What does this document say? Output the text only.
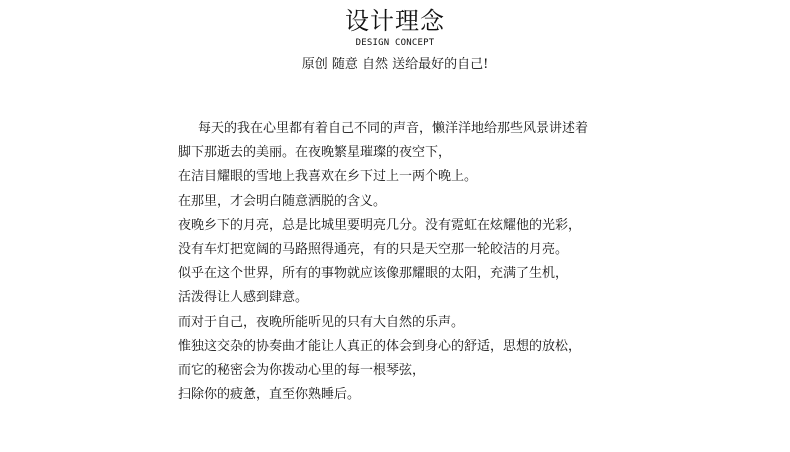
设计理念
DESIGN CONCEPT
原创 随意 自然 送给最好的自己!
每天的我在心里都有着自己不同的声音，懒洋洋地给那些风景讲述着
脚下那逝去的美丽。在夜晚繁星璀璨的夜空下，
在洁目耀眼的雪地上我喜欢在乡下过上一两个晚上。
在那里，才会明白随意洒脱的含义。
夜晚乡下的月亮，总是比城里要明亮几分。没有霓虹在炫耀他的光彩，
没有车灯把宽阔的马路照得通亮，有的只是天空那一轮皎洁的月亮。
似乎在这个世界，所有的事物就应该像那耀眼的太阳，充满了生机，
活泼得让人感到肆意。
而对于自己，夜晚所能听见的只有大自然的乐声。
惟独这交杂的协奏曲才能让人真正的体会到身心的舒适，思想的放松，
而它的秘密会为你拨动心里的每一根琴弦，
扫除你的疲惫，直至你熟睡后。
